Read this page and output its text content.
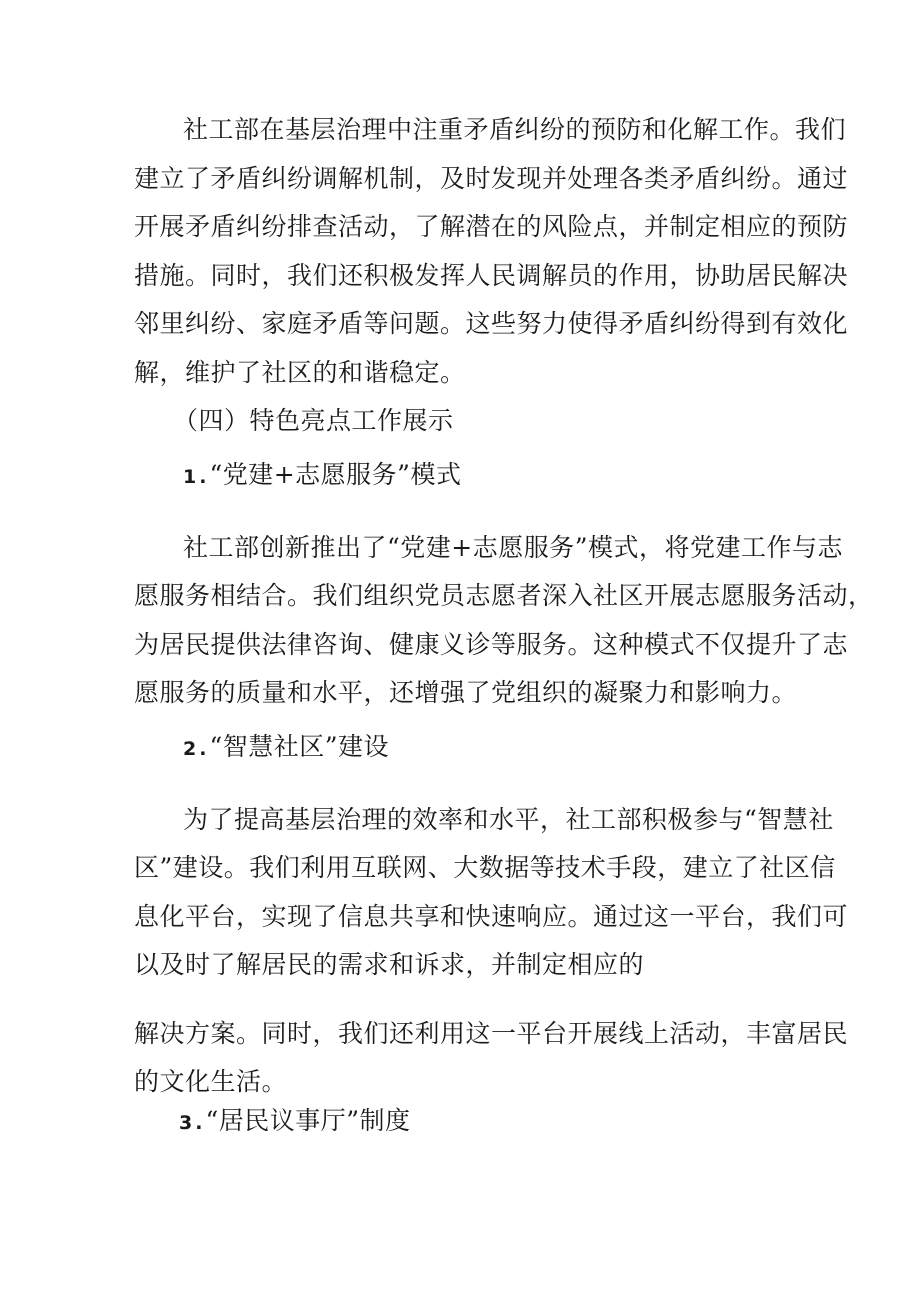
社工部在基层治理中注重矛盾纠纷的预防和化解工作。我们
建立了矛盾纠纷调解机制，及时发现并处理各类矛盾纠纷。通过
开展矛盾纠纷排查活动，了解潜在的风险点，并制定相应的预防
措施。同时，我们还积极发挥人民调解员的作用，协助居民解决
邻里纠纷、家庭矛盾等问题。这些努力使得矛盾纠纷得到有效化
解，维护了社区的和谐稳定。
（四）特色亮点工作展示
1.“党建+志愿服务”模式
社工部创新推出了“党建+志愿服务”模式，将党建工作与志
愿服务相结合。我们组织党员志愿者深入社区开展志愿服务活动，
为居民提供法律咨询、健康义诊等服务。这种模式不仅提升了志
愿服务的质量和水平，还增强了党组织的凝聚力和影响力。
2.“智慧社区”建设
为了提高基层治理的效率和水平，社工部积极参与“智慧社
区”建设。我们利用互联网、大数据等技术手段，建立了社区信
息化平台，实现了信息共享和快速响应。通过这一平台，我们可
以及时了解居民的需求和诉求，并制定相应的
解决方案。同时，我们还利用这一平台开展线上活动，丰富居民
的文化生活。
3.“居民议事厅”制度
